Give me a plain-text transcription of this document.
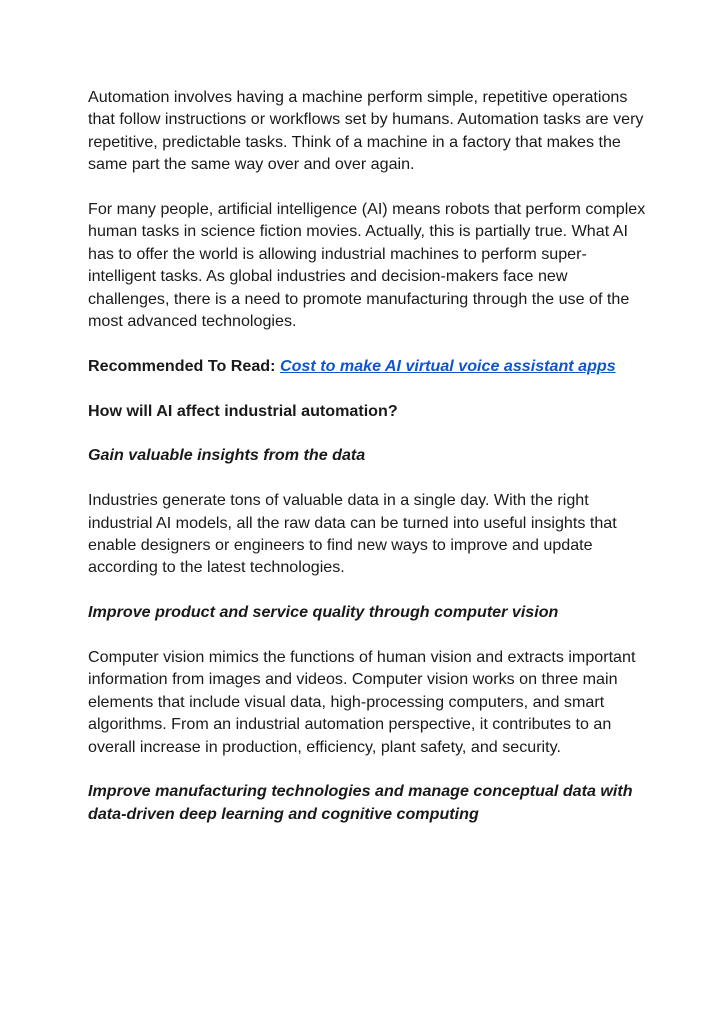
Automation involves having a machine perform simple, repetitive operations that follow instructions or workflows set by humans. Automation tasks are very repetitive, predictable tasks. Think of a machine in a factory that makes the same part the same way over and over again.

For many people, artificial intelligence (AI) means robots that perform complex human tasks in science fiction movies. Actually, this is partially true. What AI has to offer the world is allowing industrial machines to perform super-intelligent tasks. As global industries and decision-makers face new challenges, there is a need to promote manufacturing through the use of the most advanced technologies.

Recommended To Read: Cost to make AI virtual voice assistant apps

How will AI affect industrial automation?

Gain valuable insights from the data

Industries generate tons of valuable data in a single day. With the right industrial AI models, all the raw data can be turned into useful insights that enable designers or engineers to find new ways to improve and update according to the latest technologies.

Improve product and service quality through computer vision

Computer vision mimics the functions of human vision and extracts important information from images and videos. Computer vision works on three main elements that include visual data, high-processing computers, and smart algorithms. From an industrial automation perspective, it contributes to an overall increase in production, efficiency, plant safety, and security.

Improve manufacturing technologies and manage conceptual data with data-driven deep learning and cognitive computing
